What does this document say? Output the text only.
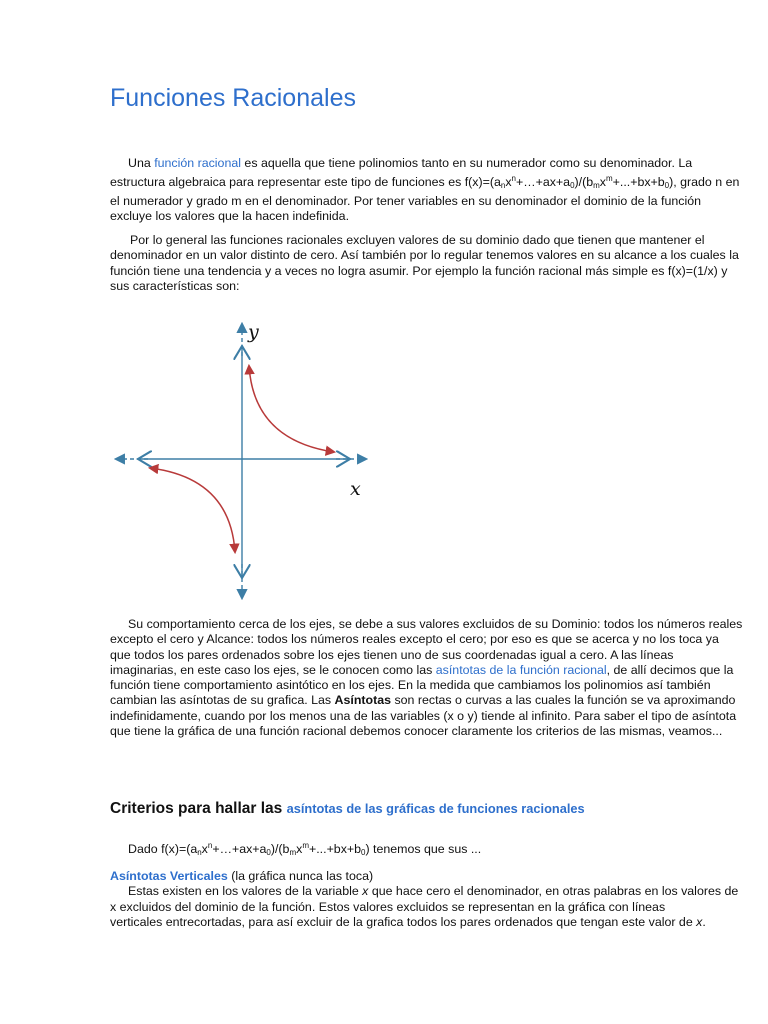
Funciones Racionales

Una función racional es aquella que tiene polinomios tanto en su numerador como su denominador. La
estructura algebraica para representar este tipo de funciones es $f(x)=(a_nx^n+\dots+ax+a_0)/(b_mx^m+...+bx+b_0)$, grado n en
el numerador y grado m en el denominador. Por tener variables en su denominador el dominio de la función
excluye los valores que la hacen indefinida.

Por lo general las funciones racionales excluyen valores de su dominio dado que tienen que mantener el
denominador en un valor distinto de cero. Así también por lo regular tenemos valores en su alcance a los cuales la
función tiene una tendencia y a veces no logra asumir. Por ejemplo la función racional más simple es f(x)=(1/x) y
sus características son:

y
x

Su comportamiento cerca de los ejes, se debe a sus valores excluidos de su Dominio: todos los números reales
excepto el cero y Alcance: todos los números reales excepto el cero; por eso es que se acerca y no los toca ya
que todos los pares ordenados sobre los ejes tienen uno de sus coordenadas igual a cero. A las líneas
imaginarias, en este caso los ejes, se le conocen como las asíntotas de la función racional, de allí decimos que la
función tiene comportamiento asintótico en los ejes. En la medida que cambiamos los polinomios así también
cambian las asíntotas de su grafica. Las Asíntotas son rectas o curvas a las cuales la función se va aproximando
indefinidamente, cuando por los menos una de las variables (x o y) tiende al infinito. Para saber el tipo de asíntota
que tiene la gráfica de una función racional debemos conocer claramente los criterios de las mismas, veamos...

Criterios para hallar las asíntotas de las gráficas de funciones racionales

Dado $f(x)=(a_nx^n+\dots+ax+a_0)/(b_mx^m+...+bx+b_0)$ tenemos que sus ...

Asíntotas Verticales (la gráfica nunca las toca)
Estas existen en los valores de la variable x que hace cero el denominador, en otras palabras en los valores de
x excluidos del dominio de la función. Estos valores excluidos se representan en la gráfica con líneas
verticales entrecortadas, para así excluir de la grafica todos los pares ordenados que tengan este valor de x.
